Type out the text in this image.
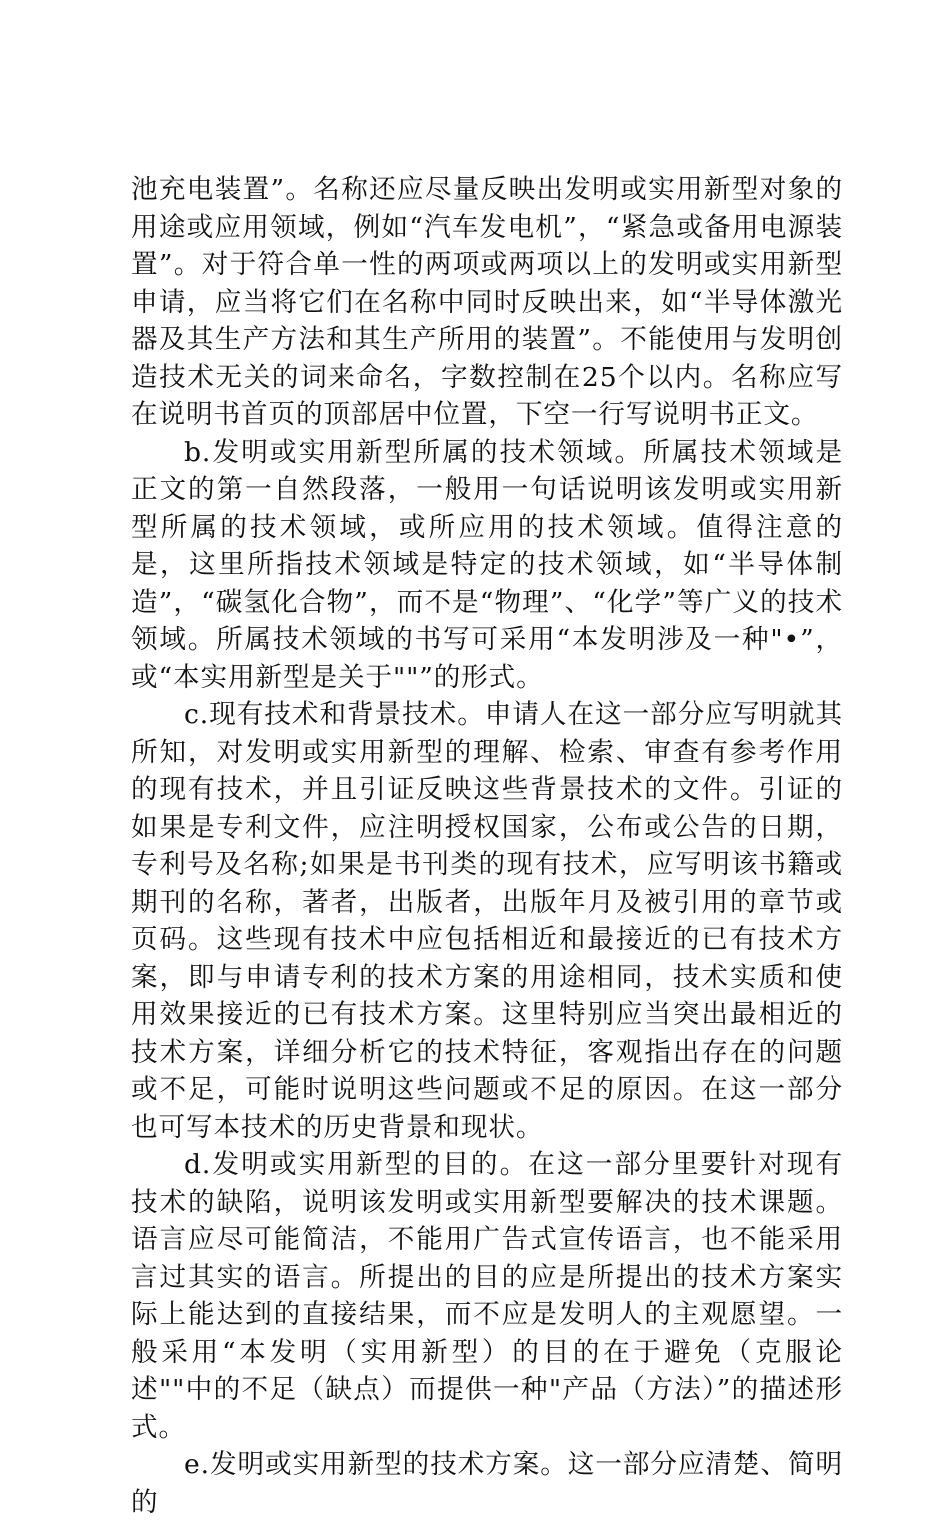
池充电装置”。名称还应尽量反映出发明或实用新型对象的用途或应用领域，例如“汽车发电机”，“紧急或备用电源装置”。对于符合单一性的两项或两项以上的发明或实用新型申请，应当将它们在名称中同时反映出来，如“半导体激光器及其生产方法和其生产所用的装置”。不能使用与发明创造技术无关的词来命名，字数控制在25个以内。名称应写在说明书首页的顶部居中位置，下空一行写说明书正文。

b.发明或实用新型所属的技术领域。所属技术领域是正文的第一自然段落，一般用一句话说明该发明或实用新型所属的技术领域，或所应用的技术领域。值得注意的是，这里所指技术领域是特定的技术领域，如“半导体制造”，“碳氢化合物”，而不是“物理”、“化学”等广义的技术领域。所属技术领域的书写可采用“本发明涉及一种"•”，或“本实用新型是关于""”的形式。

c.现有技术和背景技术。申请人在这一部分应写明就其所知，对发明或实用新型的理解、检索、审查有参考作用的现有技术，并且引证反映这些背景技术的文件。引证的如果是专利文件，应注明授权国家，公布或公告的日期，专利号及名称;如果是书刊类的现有技术，应写明该书籍或期刊的名称，著者，出版者，出版年月及被引用的章节或页码。这些现有技术中应包括相近和最接近的已有技术方案，即与申请专利的技术方案的用途相同，技术实质和使用效果接近的已有技术方案。这里特别应当突出最相近的技术方案，详细分析它的技术特征，客观指出存在的问题或不足，可能时说明这些问题或不足的原因。在这一部分也可写本技术的历史背景和现状。

d.发明或实用新型的目的。在这一部分里要针对现有技术的缺陷，说明该发明或实用新型要解决的技术课题。语言应尽可能简洁，不能用广告式宣传语言，也不能采用言过其实的语言。所提出的目的应是所提出的技术方案实际上能达到的直接结果，而不应是发明人的主观愿望。一般采用“本发明（实用新型）的目的在于避免（克服论述""中的不足（缺点）而提供一种"产品（方法）”的描述形式。

e.发明或实用新型的技术方案。这一部分应清楚、简明的
